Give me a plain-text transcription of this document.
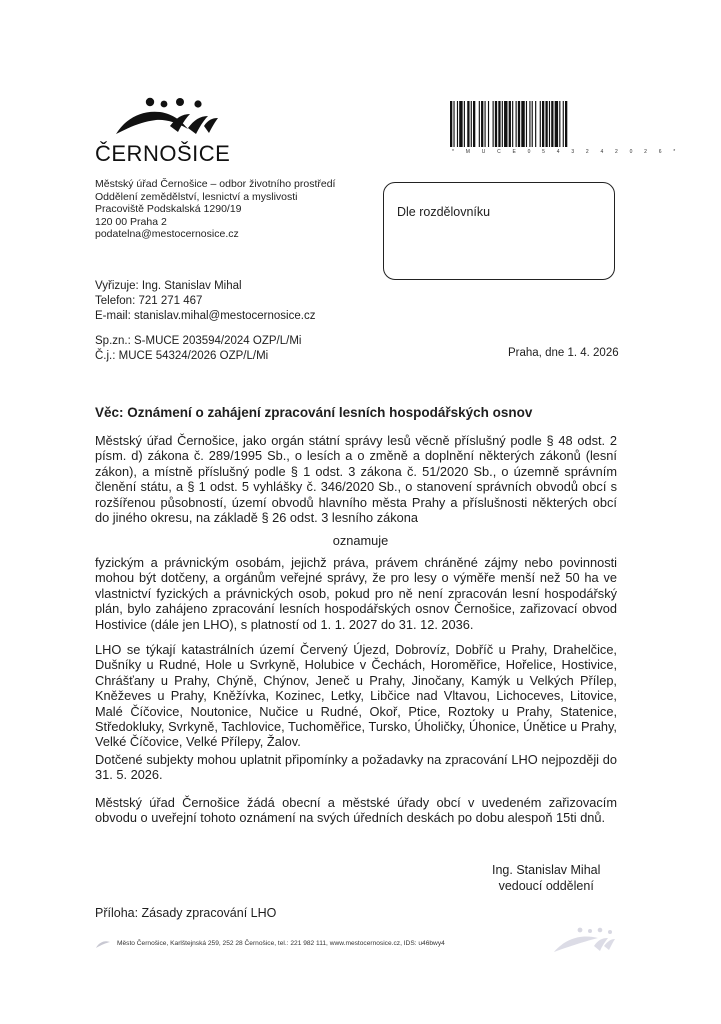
ČERNOŠICE	* M U C E 0 5 4 3 2 4 2 0 2 6 *
Městský úřad Černošice – odbor životního prostředí
Oddělení zemědělství, lesnictví a myslivosti
Pracoviště Podskalská 1290/19
120 00 Praha 2
podatelna@mestocernosice.cz
Dle rozdělovníku
Vyřizuje: Ing. Stanislav Mihal
Telefon: 721 271 467
E-mail: stanislav.mihal@mestocernosice.cz
Sp.zn.: S-MUCE 203594/2024 OZP/L/Mi
Č.j.: MUCE 54324/2026 OZP/L/Mi	Praha, dne 1. 4. 2026
Věc: Oznámení o zahájení zpracování lesních hospodářských osnov

Městský úřad Černošice, jako orgán státní správy lesů věcně příslušný podle § 48 odst. 2 písm. d) zákona č. 289/1995 Sb., o lesích a o změně a doplnění některých zákonů (lesní zákon), a místně příslušný podle § 1 odst. 3 zákona č. 51/2020 Sb., o územně správním členění státu, a § 1 odst. 5 vyhlášky č. 346/2020 Sb., o stanovení správních obvodů obcí s rozšířenou působností, území obvodů hlavního města Prahy a příslušnosti některých obcí do jiného okresu, na základě § 26 odst. 3 lesního zákona

oznamuje

fyzickým a právnickým osobám, jejichž práva, právem chráněné zájmy nebo povinnosti mohou být dotčeny, a orgánům veřejné správy, že pro lesy o výměře menší než 50 ha ve vlastnictví fyzických a právnických osob, pokud pro ně není zpracován lesní hospodářský plán, bylo zahájeno zpracování lesních hospodářských osnov Černošice, zařizovací obvod Hostivice (dále jen LHO), s platností od 1. 1. 2027 do 31. 12. 2036.

LHO se týkají katastrálních území Červený Újezd, Dobrovíz, Dobříč u Prahy, Drahelčice, Dušníky u Rudné, Hole u Svrkyně, Holubice v Čechách, Horoměřice, Hořelice, Hostivice, Chrášťany u Prahy, Chýně, Chýnov, Jeneč u Prahy, Jinočany, Kamýk u Velkých Přílep, Kněževes u Prahy, Kněžívka, Kozinec, Letky, Libčice nad Vltavou, Lichoceves, Litovice, Malé Číčovice, Noutonice, Nučice u Rudné, Okoř, Ptice, Roztoky u Prahy, Statenice, Středokluky, Svrkyně, Tachlovice, Tuchoměřice, Tursko, Úholičky, Úhonice, Únětice u Prahy, Velké Číčovice, Velké Přílepy, Žalov.

Dotčené subjekty mohou uplatnit připomínky a požadavky na zpracování LHO nejpozději do 31. 5. 2026.

Městský úřad Černošice žádá obecní a městské úřady obcí v uvedeném zařizovacím obvodu o uveřejní tohoto oznámení na svých úředních deskách po dobu alespoň 15ti dnů.

Ing. Stanislav Mihal
vedoucí oddělení
Příloha: Zásady zpracování LHO
Město Černošice, Karlštejnská 259, 252 28 Černošice, tel.: 221 982 111, www.mestocernosice.cz, IDS: u46bwy4
